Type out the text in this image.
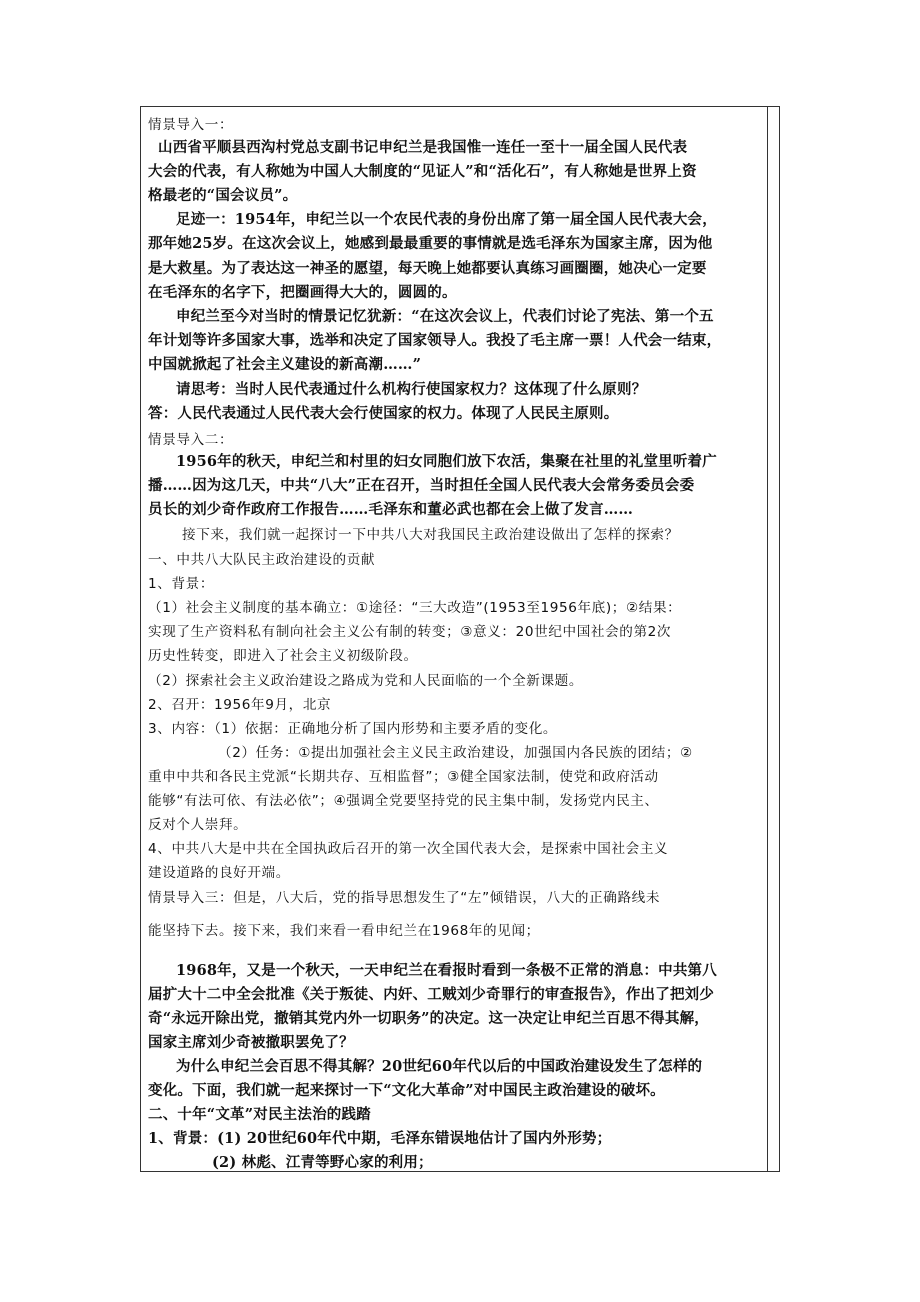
情景导入一：
山西省平顺县西沟村党总支副书记申纪兰是我国惟一连任一至十一届全国人民代表
大会的代表，有人称她为中国人大制度的“见证人”和“活化石”，有人称她是世界上资
格最老的“国会议员”。
足迹一：1954年，申纪兰以一个农民代表的身份出席了第一届全国人民代表大会，
那年她25岁。在这次会议上，她感到最最重要的事情就是选毛泽东为国家主席，因为他
是大救星。为了表达这一神圣的愿望，每天晚上她都要认真练习画圈圈，她决心一定要
在毛泽东的名字下，把圈画得大大的，圆圆的。
申纪兰至今对当时的情景记忆犹新：“在这次会议上，代表们讨论了宪法、第一个五
年计划等许多国家大事，选举和决定了国家领导人。我投了毛主席一票！人代会一结束，
中国就掀起了社会主义建设的新高潮……”
请思考：当时人民代表通过什么机构行使国家权力？这体现了什么原则？
答：人民代表通过人民代表大会行使国家的权力。体现了人民民主原则。
情景导入二：
1956年的秋天，申纪兰和村里的妇女同胞们放下农活，集聚在社里的礼堂里听着广
播……因为这几天，中共“八大”正在召开，当时担任全国人民代表大会常务委员会委
员长的刘少奇作政府工作报告……毛泽东和董必武也都在会上做了发言……
接下来，我们就一起探讨一下中共八大对我国民主政治建设做出了怎样的探索？
一、中共八大队民主政治建设的贡献
1、背景：
（1）社会主义制度的基本确立：①途径：“三大改造”(1953至1956年底)；②结果：
实现了生产资料私有制向社会主义公有制的转变；③意义：20世纪中国社会的第2次
历史性转变，即进入了社会主义初级阶段。
（2）探索社会主义政治建设之路成为党和人民面临的一个全新课题。
2、召开：1956年9月，北京
3、内容：（1）依据：正确地分析了国内形势和主要矛盾的变化。
（2）任务：①提出加强社会主义民主政治建设，加强国内各民族的团结；②
重申中共和各民主党派“长期共存、互相监督”；③健全国家法制，使党和政府活动
能够“有法可依、有法必依”；④强调全党要坚持党的民主集中制，发扬党内民主、
反对个人崇拜。
4、中共八大是中共在全国执政后召开的第一次全国代表大会，是探索中国社会主义
建设道路的良好开端。
情景导入三：但是，八大后，党的指导思想发生了“左”倾错误，八大的正确路线未
能坚持下去。接下来，我们来看一看申纪兰在1968年的见闻；
1968年，又是一个秋天，一天申纪兰在看报时看到一条极不正常的消息：中共第八
届扩大十二中全会批准《关于叛徒、内奸、工贼刘少奇罪行的审查报告》，作出了把刘少
奇“永远开除出党，撤销其党内外一切职务”的决定。这一决定让申纪兰百思不得其解，
国家主席刘少奇被撤职罢免了？
为什么申纪兰会百思不得其解？20世纪60年代以后的中国政治建设发生了怎样的
变化。下面，我们就一起来探讨一下“文化大革命”对中国民主政治建设的破坏。
二、十年“文革”对民主法治的践踏
1、背景：(1) 20世纪60年代中期，毛泽东错误地估计了国内外形势；
(2) 林彪、江青等野心家的利用；
